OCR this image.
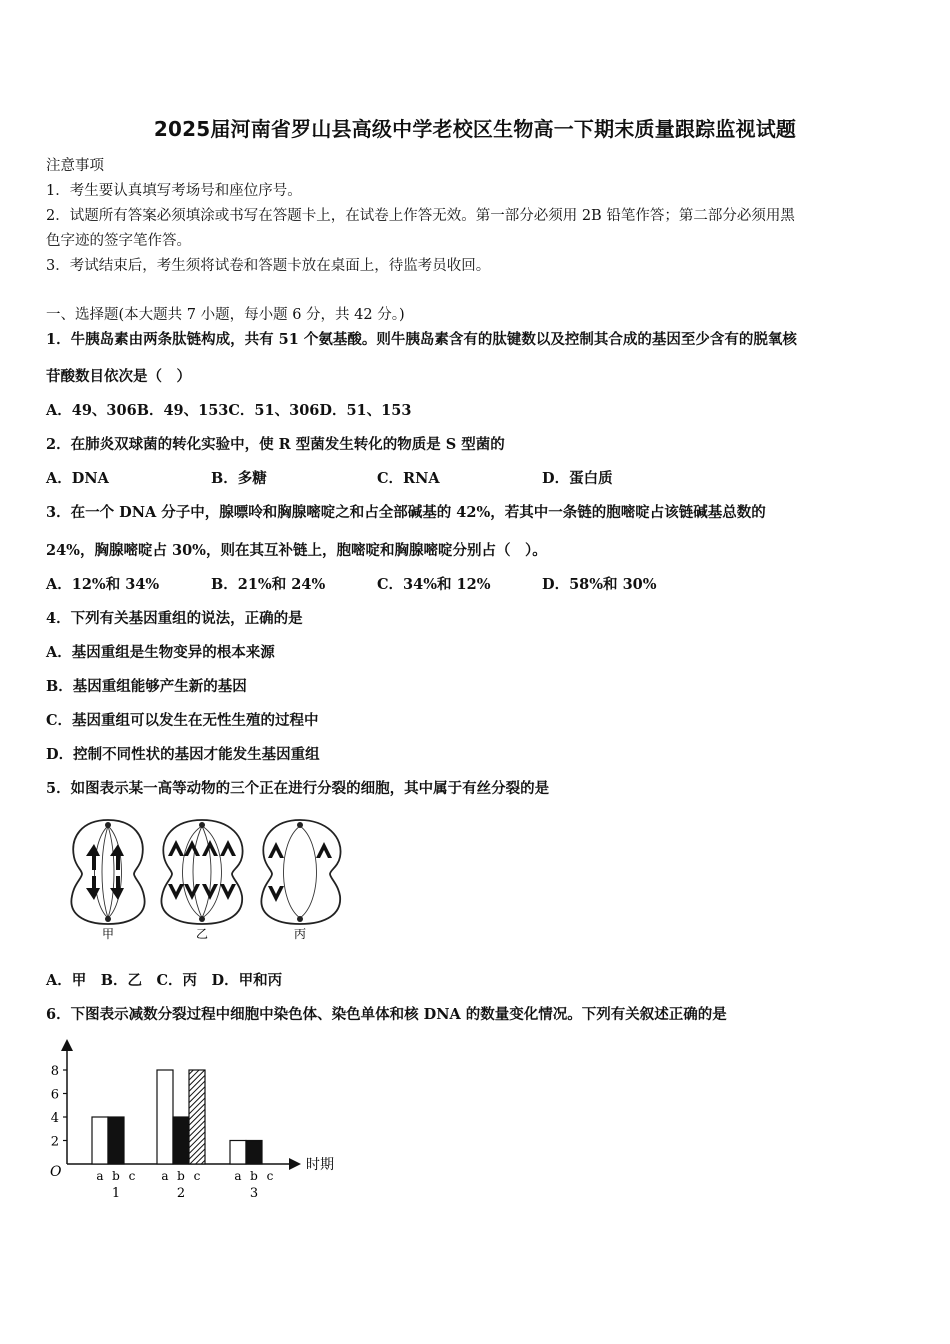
2025届河南省罗山县高级中学老校区生物高一下期末质量跟踪监视试题
注意事项
1．考生要认真填写考场号和座位序号。
2．试题所有答案必须填涂或书写在答题卡上，在试卷上作答无效。第一部分必须用 2B 铅笔作答；第二部分必须用黑
色字迹的签字笔作答。
3．考试结束后，考生须将试卷和答题卡放在桌面上，待监考员收回。
一、选择题(本大题共 7 小题，每小题 6 分，共 42 分。)
1．牛胰岛素由两条肽链构成，共有 51 个氨基酸。则牛胰岛素含有的肽键数以及控制其合成的基因至少含有的脱氧核
苷酸数目依次是（　）
A．49、306B．49、153C．51、306D．51、153
2．在肺炎双球菌的转化实验中，使 R 型菌发生转化的物质是 S 型菌的
A．DNA	B．多糖	C．RNA	D．蛋白质
3．在一个 DNA 分子中，腺嘌呤和胸腺嘧啶之和占全部碱基的 42%，若其中一条链的胞嘧啶占该链碱基总数的
24%，胸腺嘧啶占 30%，则在其互补链上，胞嘧啶和胸腺嘧啶分别占（　）。
A．12%和 34%	B．21%和 24%	C．34%和 12%	D．58%和 30%
4．下列有关基因重组的说法，正确的是
A．基因重组是生物变异的根本来源
B．基因重组能够产生新的基因
C．基因重组可以发生在无性生殖的过程中
D．控制不同性状的基因才能发生基因重组
5．如图表示某一高等动物的三个正在进行分裂的细胞，其中属于有丝分裂的是
甲	乙	丙
A．甲　B．乙　C．丙　D．甲和丙
6．下图表示减数分裂过程中细胞中染色体、染色单体和核 DNA 的数量变化情况。下列有关叙述正确的是
2
4
6
8
a b c
1
a b c
2
a b c
3
O	时期
